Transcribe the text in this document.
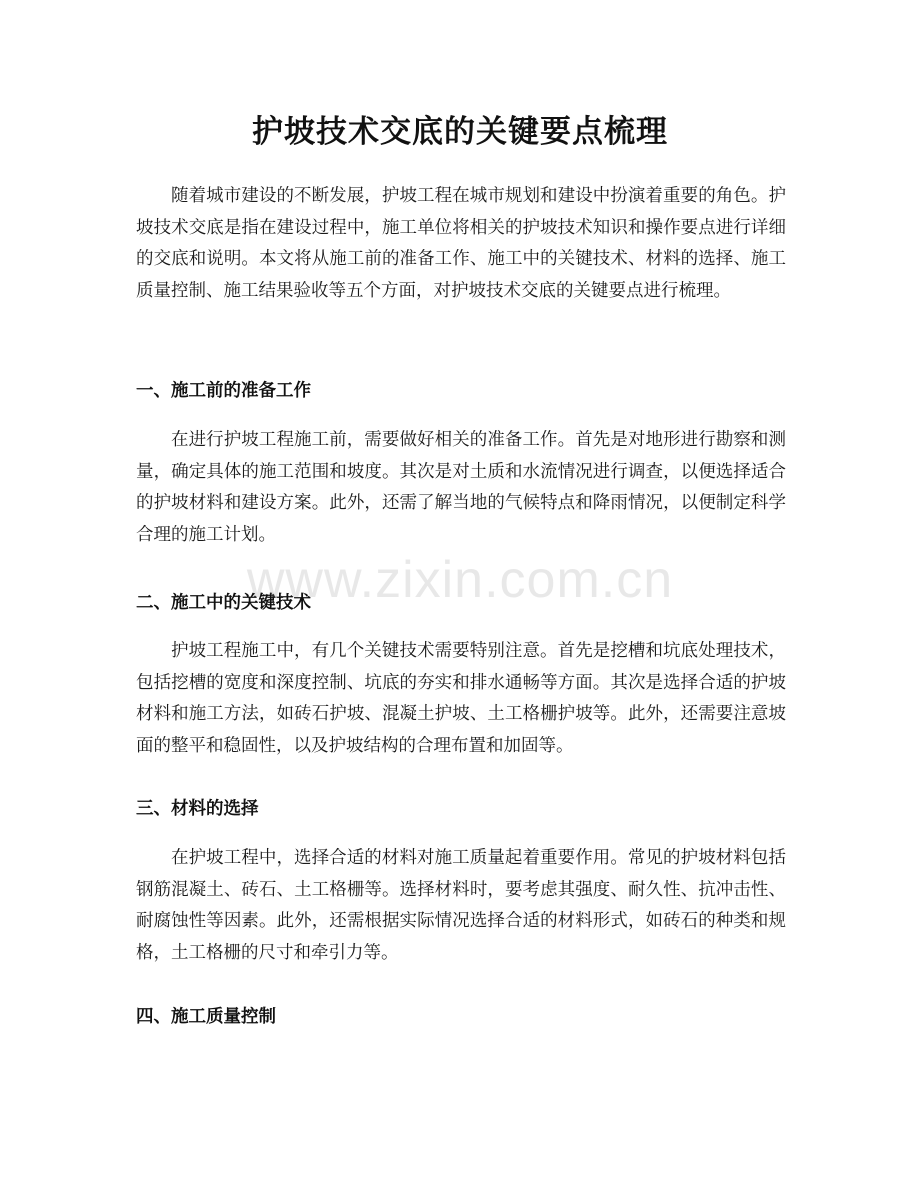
护坡技术交底的关键要点梳理

随着城市建设的不断发展，护坡工程在城市规划和建设中扮演着重要的角色。护坡技术交底是指在建设过程中，施工单位将相关的护坡技术知识和操作要点进行详细的交底和说明。本文将从施工前的准备工作、施工中的关键技术、材料的选择、施工质量控制、施工结果验收等五个方面，对护坡技术交底的关键要点进行梳理。

一、施工前的准备工作

在进行护坡工程施工前，需要做好相关的准备工作。首先是对地形进行勘察和测量，确定具体的施工范围和坡度。其次是对土质和水流情况进行调查，以便选择适合的护坡材料和建设方案。此外，还需了解当地的气候特点和降雨情况，以便制定科学合理的施工计划。

二、施工中的关键技术

护坡工程施工中，有几个关键技术需要特别注意。首先是挖槽和坑底处理技术，包括挖槽的宽度和深度控制、坑底的夯实和排水通畅等方面。其次是选择合适的护坡材料和施工方法，如砖石护坡、混凝土护坡、土工格栅护坡等。此外，还需要注意坡面的整平和稳固性，以及护坡结构的合理布置和加固等。

三、材料的选择

在护坡工程中，选择合适的材料对施工质量起着重要作用。常见的护坡材料包括钢筋混凝土、砖石、土工格栅等。选择材料时，要考虑其强度、耐久性、抗冲击性、耐腐蚀性等因素。此外，还需根据实际情况选择合适的材料形式，如砖石的种类和规格，土工格栅的尺寸和牵引力等。

四、施工质量控制
www.zixin.com.cn
